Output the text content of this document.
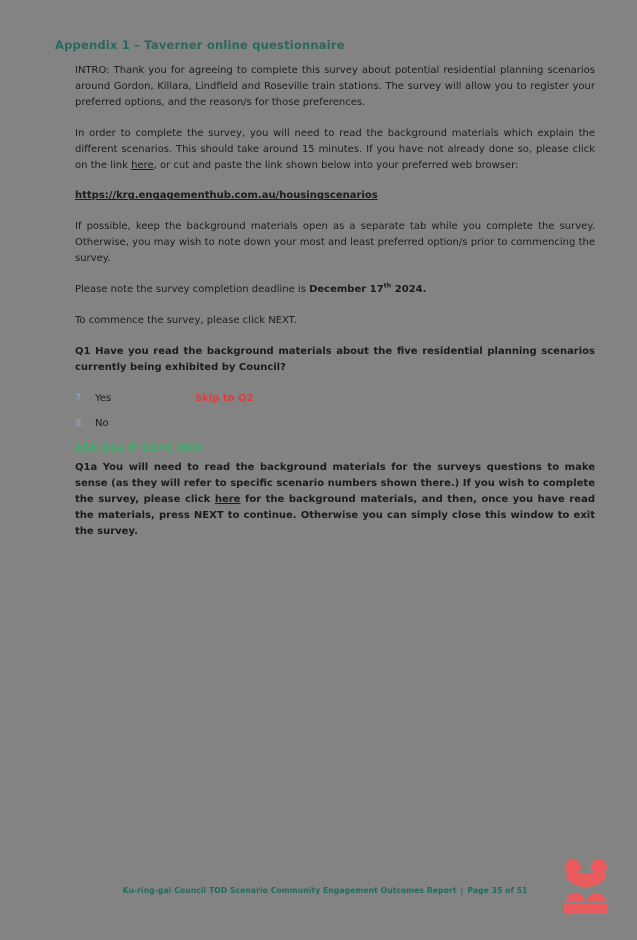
Appendix 1 – Taverner online questionnaire

INTRO: Thank you for agreeing to complete this survey about potential residential planning scenarios around Gordon, Killara, Lindfield and Roseville train stations. The survey will allow you to register your preferred options, and the reason/s for those preferences.

In order to complete the survey, you will need to read the background materials which explain the different scenarios. This should take around 15 minutes. If you have not already done so, please click on the link here, or cut and paste the link shown below into your preferred web browser:

https://krg.engagementhub.com.au/housingscenarios

If possible, keep the background materials open as a separate tab while you complete the survey. Otherwise, you may wish to note down your most and least preferred option/s prior to commencing the survey.

Please note the survey completion deadline is December 17th 2024.

To commence the survey, please click NEXT.

Q1 Have you read the background materials about the five residential planning scenarios currently being exhibited by Council?

7.	Yes	Skip to Q2
8.	No

ASK Q1A IF Q1=2 [NO]

Q1a You will need to read the background materials for the surveys questions to make sense (as they will refer to specific scenario numbers shown there.) If you wish to complete the survey, please click here for the background materials, and then, once you have read the materials, press NEXT to continue. Otherwise you can simply close this window to exit the survey.

Ku-ring-gai Council TOD Scenario Community Engagement Outcomes Report | Page 35 of 51
